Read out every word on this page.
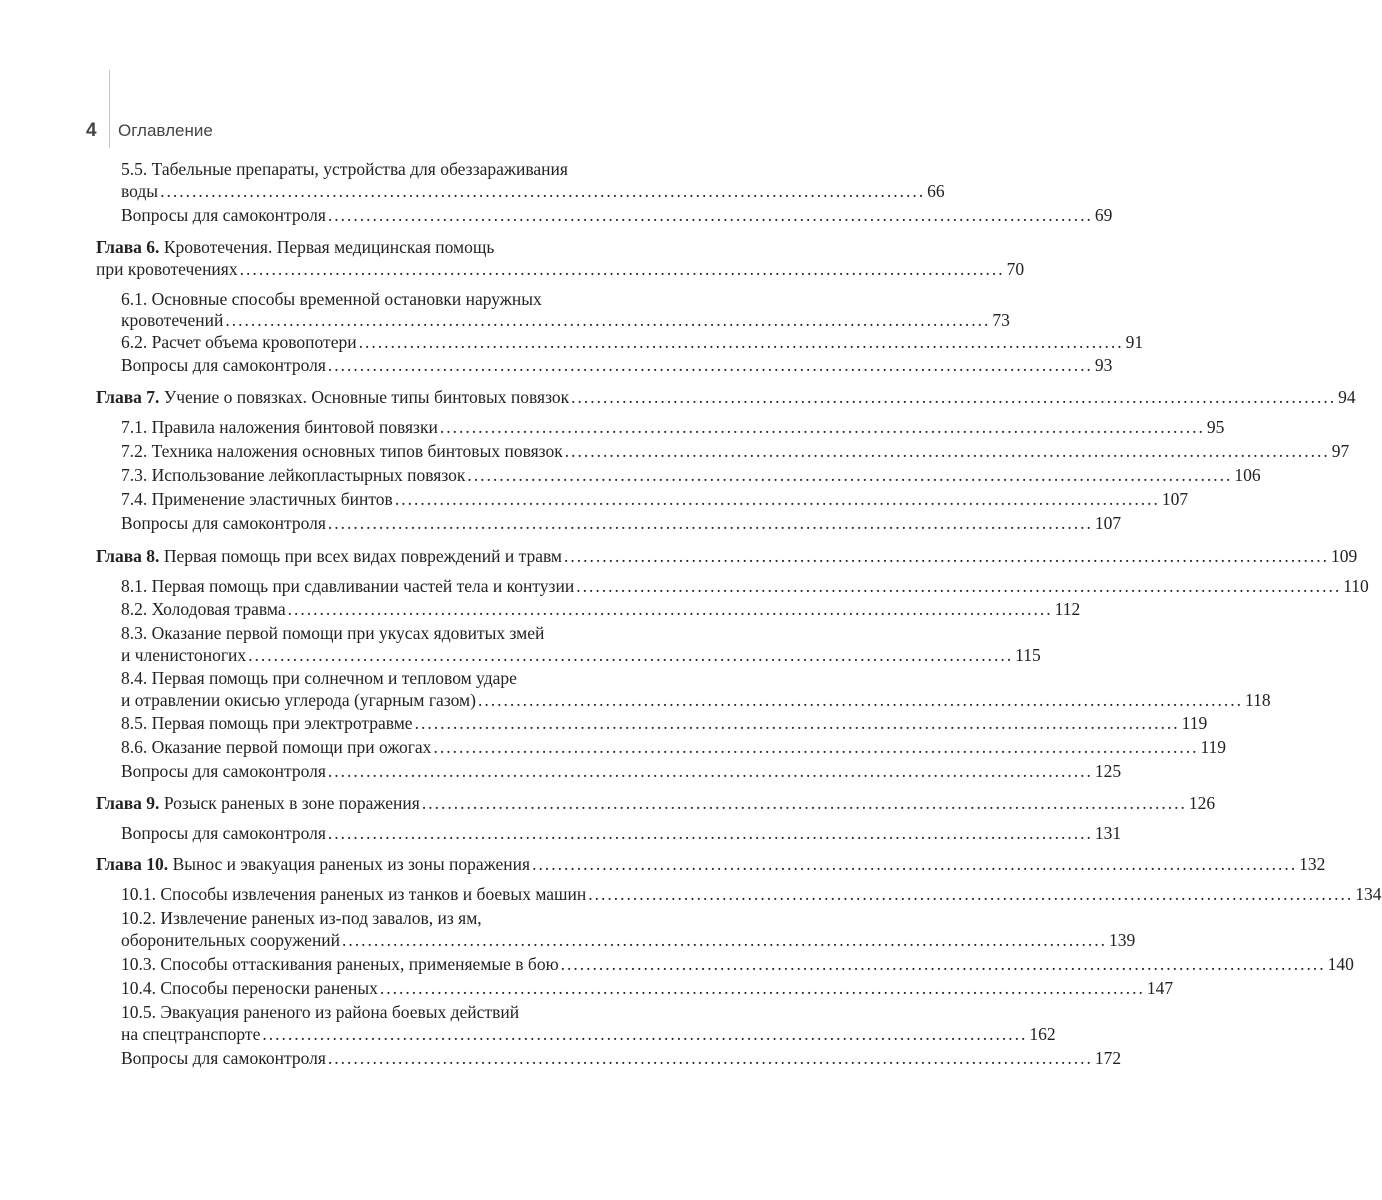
4 Оглавление
5.5. Табельные препараты, устройства для обеззараживания
воды ........................................................................................................................ 66
Вопросы для самоконтроля ........................................................................................................................ 69
Глава 6. Кровотечения. Первая медицинская помощь
при кровотечениях ........................................................................................................................ 70
6.1. Основные способы временной остановки наружных
кровотечений ........................................................................................................................ 73
6.2. Расчет объема кровопотери ........................................................................................................................ 91
Вопросы для самоконтроля ........................................................................................................................ 93
Глава 7. Учение о повязках. Основные типы бинтовых повязок ........................................................................................................................ 94
7.1. Правила наложения бинтовой повязки ........................................................................................................................ 95
7.2. Техника наложения основных типов бинтовых повязок ........................................................................................................................ 97
7.3. Использование лейкопластырных повязок ........................................................................................................................ 106
7.4. Применение эластичных бинтов ........................................................................................................................ 107
Вопросы для самоконтроля ........................................................................................................................ 107
Глава 8. Первая помощь при всех видах повреждений и травм ........................................................................................................................ 109
8.1. Первая помощь при сдавливании частей тела и контузии ........................................................................................................................ 110
8.2. Холодовая травма ........................................................................................................................ 112
8.3. Оказание первой помощи при укусах ядовитых змей
и членистоногих ........................................................................................................................ 115
8.4. Первая помощь при солнечном и тепловом ударе
и отравлении окисью углерода (угарным газом) ........................................................................................................................ 118
8.5. Первая помощь при электротравме ........................................................................................................................ 119
8.6. Оказание первой помощи при ожогах ........................................................................................................................ 119
Вопросы для самоконтроля ........................................................................................................................ 125
Глава 9. Розыск раненых в зоне поражения ........................................................................................................................ 126
Вопросы для самоконтроля ........................................................................................................................ 131
Глава 10. Вынос и эвакуация раненых из зоны поражения ........................................................................................................................ 132
10.1. Способы извлечения раненых из танков и боевых машин ........................................................................................................................ 134
10.2. Извлечение раненых из-под завалов, из ям,
оборонительных сооружений ........................................................................................................................ 139
10.3. Способы оттаскивания раненых, применяемые в бою ........................................................................................................................ 140
10.4. Способы переноски раненых ........................................................................................................................ 147
10.5. Эвакуация раненого из района боевых действий
на спецтранспорте ........................................................................................................................ 162
Вопросы для самоконтроля ........................................................................................................................ 172
